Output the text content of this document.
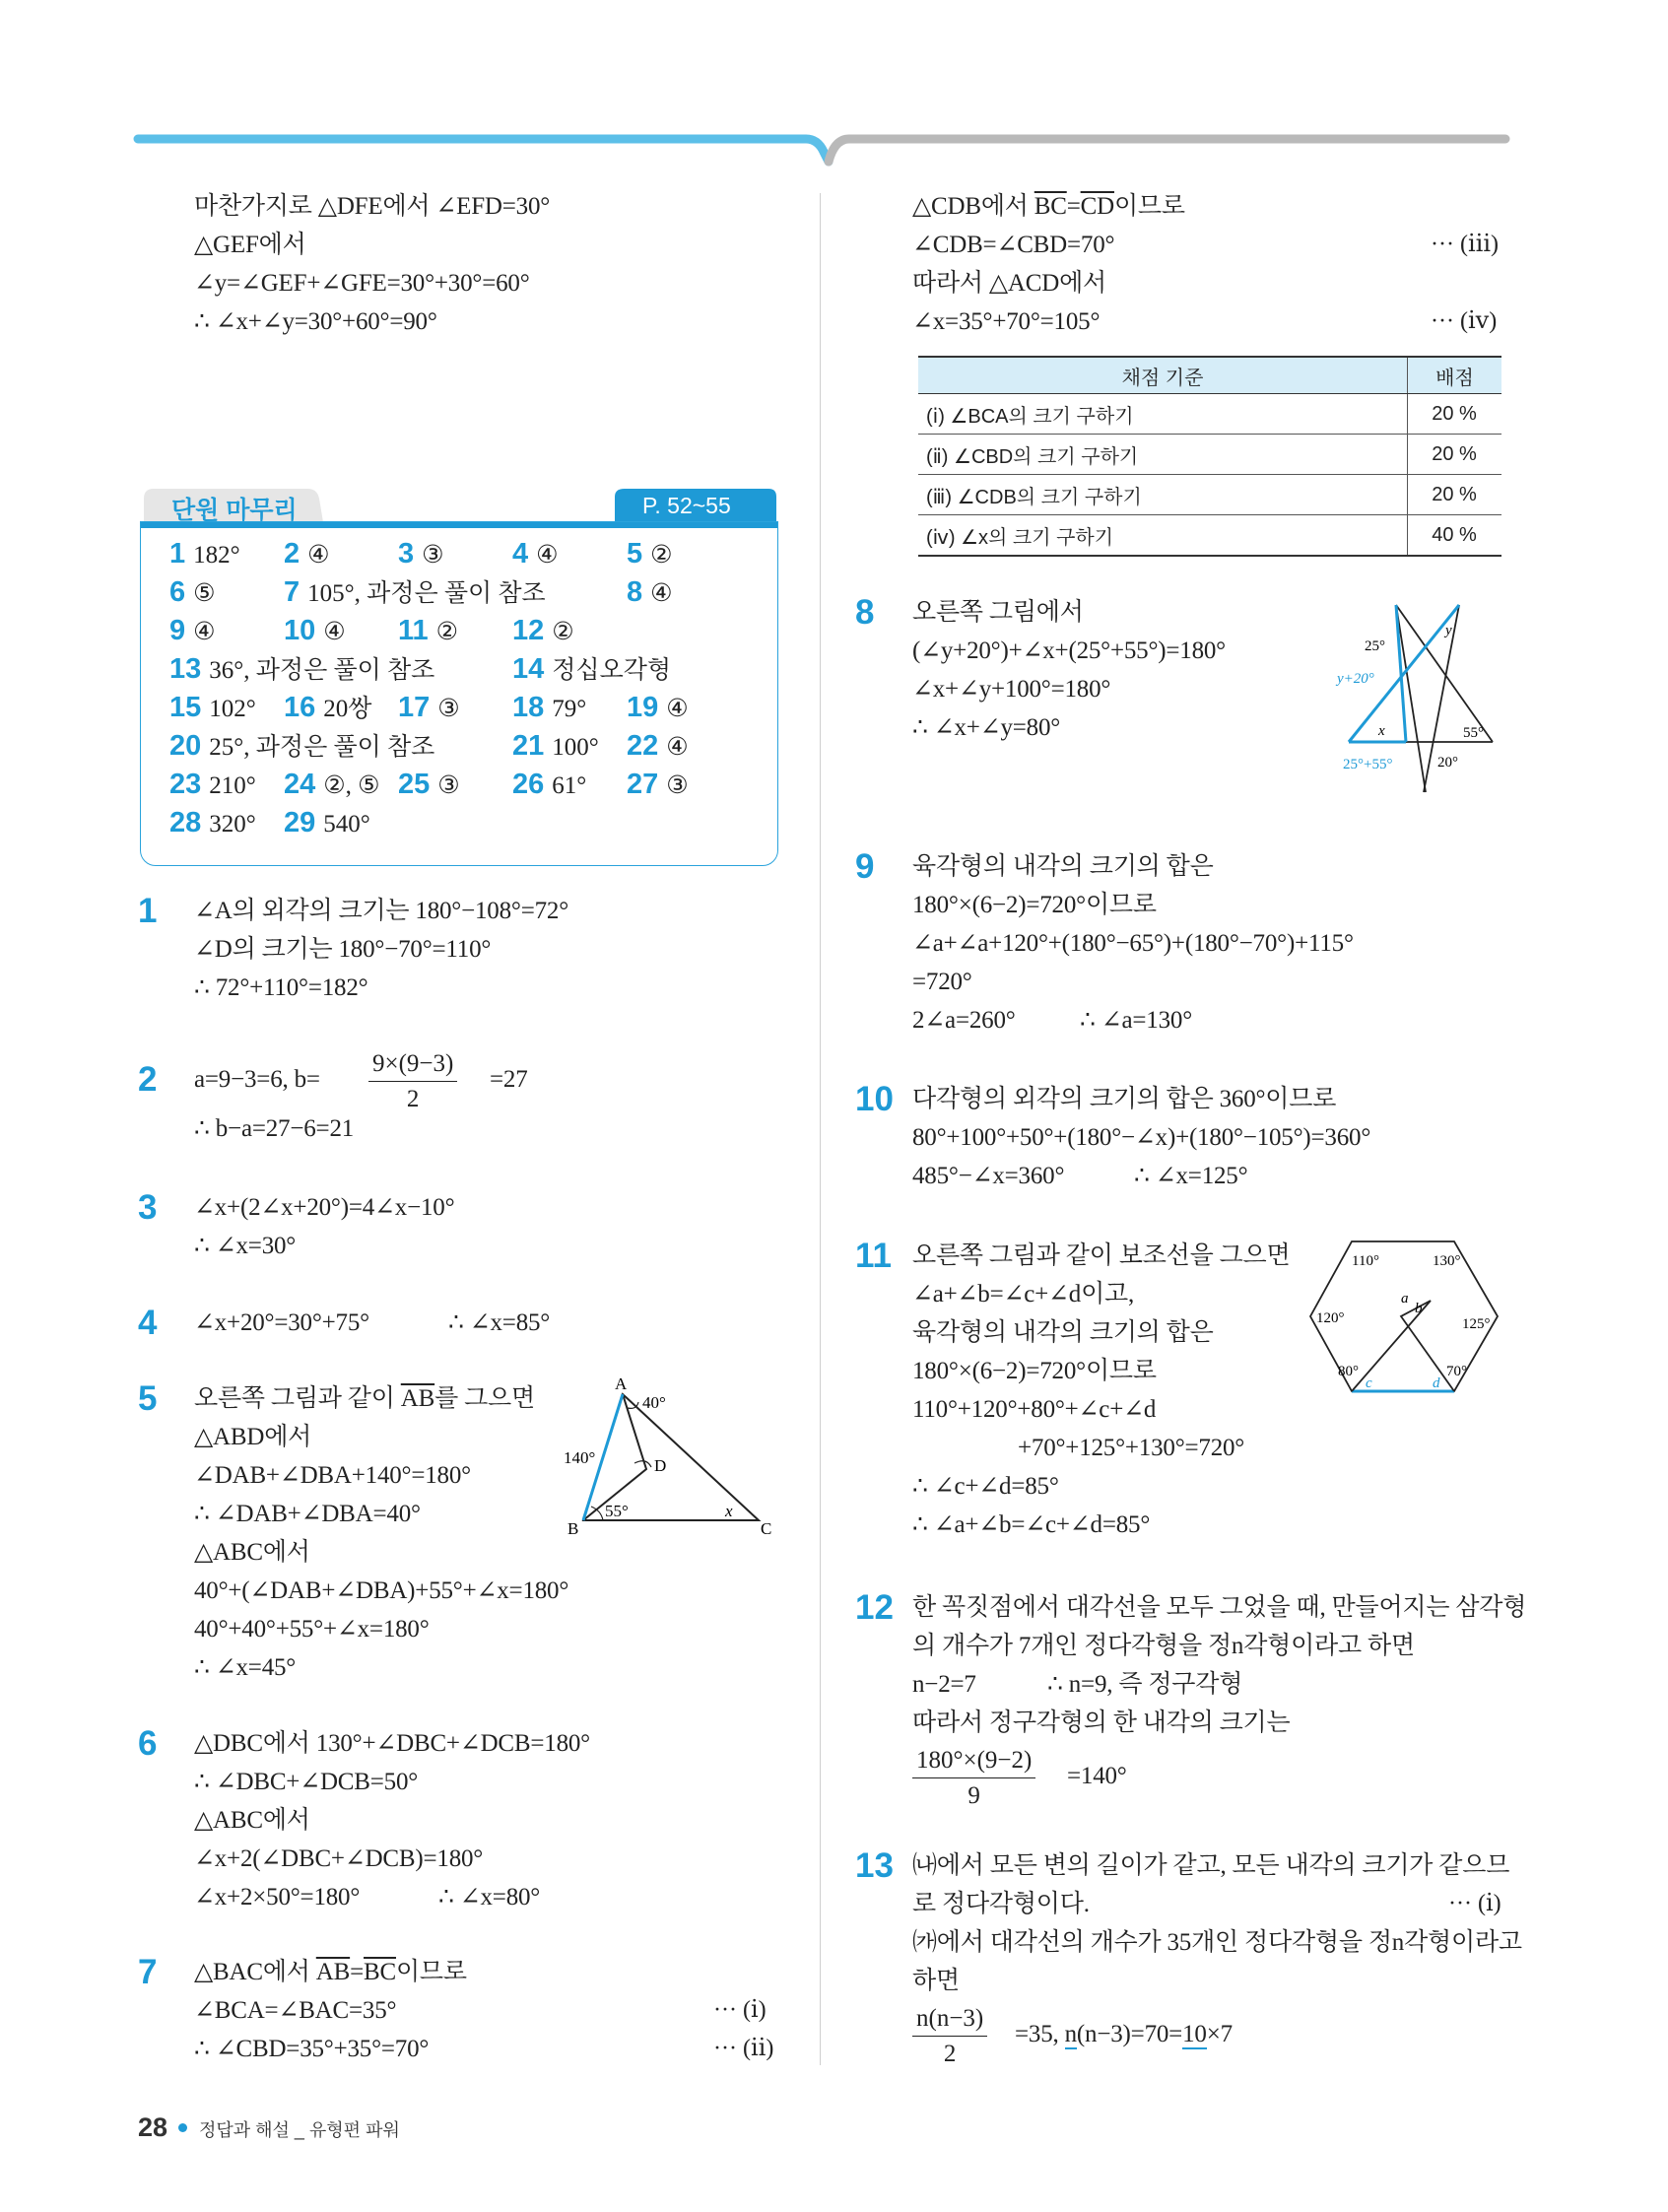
마찬가지로 △DFE에서 ∠EFD=30°
△GEF에서
∠y=∠GEF+∠GFE=30°+30°=60°
∴ ∠x+∠y=30°+60°=90°
단원 마무리	P. 52~55
1 182° 2 ④ 3 ③ 4 ④ 5 ②
6 ⑤ 7 105°, 과정은 풀이 참조	8 ④
9 ④ 10 ④ 11 ② 12 ②
13 36°, 과정은 풀이 참조	14 정십오각형
15 102° 16 20쌍 17 ③ 18 79° 19 ④
20 25°, 과정은 풀이 참조	21 100° 22 ④
23 210° 24 ②, ⑤ 25 ③ 26 61° 27 ③
28 320° 29 540°
1 ∠A의 외각의 크기는 180°−108°=72°
∠D의 크기는 180°−70°=110°
∴ 72°+110°=182°
2 a=9−3=6, $b= \frac{9\times(9-3)}{2} =27$
∴ b−a=27−6=21
3 ∠x+(2∠x+20°)=4∠x−10°
∴ ∠x=30°
4 ∠x+20°=30°+75°	∴ ∠x=85°
5 오른쪽 그림과 같이 $\overline{AB}$를 그으면
△ABD에서
∠DAB+∠DBA+140°=180°
∴ ∠DAB+∠DBA=40°
△ABC에서
40°+(∠DAB+∠DBA)+55°+∠x=180°
40°+40°+55°+∠x=180°
∴ ∠x=45°
A
B	C
D
40°
140°
55°	x
6 △DBC에서 130°+∠DBC+∠DCB=180°
∴ ∠DBC+∠DCB=50°
△ABC에서
∠x+2(∠DBC+∠DCB)=180°
∠x+2×50°=180°	∴ ∠x=80°
7 △BAC에서 $\overline{AB}=\overline{BC}$이므로
∠BCA=∠BAC=35°	··· (ⅰ)
∴ ∠CBD=35°+35°=70°	··· (ⅱ)
△CDB에서 $\overline{BC}=\overline{CD}$이므로
∠CDB=∠CBD=70°	··· (ⅲ)
따라서 △ACD에서
∠x=35°+70°=105°	··· (ⅳ)
채점 기준	배점
(ⅰ) ∠BCA의 크기 구하기	20 %
(ⅱ) ∠CBD의 크기 구하기	20 %
(ⅲ) ∠CDB의 크기 구하기	20 %
(ⅳ) ∠x의 크기 구하기	40 %
8 오른쪽 그림에서
(∠y+20°)+∠x+(25°+55°)=180°
∠x+∠y+100°=180°
∴ ∠x+∠y=80°
25°
y+20°
y
x	55°
25°+55°	20°
9 육각형의 내각의 크기의 합은
180°×(6−2)=720°이므로
∠a+∠a+120°+(180°−65°)+(180°−70°)+115°
=720°
2∠a=260°	∴ ∠a=130°
10 다각형의 외각의 크기의 합은 360°이므로
80°+100°+50°+(180°−∠x)+(180°−105°)=360°
485°−∠x=360°	∴ ∠x=125°
11 오른쪽 그림과 같이 보조선을 그으면
∠a+∠b=∠c+∠d이고,
육각형의 내각의 크기의 합은
180°×(6−2)=720°이므로
110°+120°+80°+∠c+∠d
+70°+125°+130°=720°
∴ ∠c+∠d=85°
∴ ∠a+∠b=∠c+∠d=85°
110°	130°
120°	125°
80°	70°
a
b
c	d
12 한 꼭짓점에서 대각선을 모두 그었을 때, 만들어지는 삼각형
의 개수가 7개인 정다각형을 정n각형이라고 하면
n−2=7	∴ n=9, 즉 정구각형
따라서 정구각형의 한 내각의 크기는
$\frac{180^\circ\times(9-2)}{9} =140^\circ$
13 ㈏에서 모든 변의 길이가 같고, 모든 내각의 크기가 같으므
로 정다각형이다.	··· (ⅰ)
㈎에서 대각선의 개수가 35개인 정다각형을 정n각형이라고
하면
$\frac{n(n-3)}{2} =35$, n(n−3)=70=10×7
28 정답과 해설 _ 유형편 파워
